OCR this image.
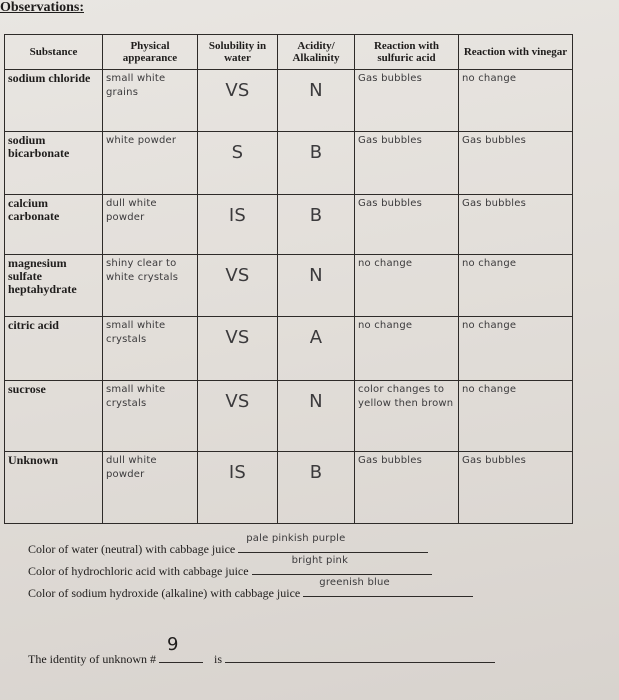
Observations:
Substance	Physical appearance	Solubility in water	Acidity/ Alkalinity	Reaction with sulfuric acid	Reaction with vinegar
sodium chloride	small white grains	VS	N	Gas bubbles	no change
sodium bicarbonate	white powder	S	B	Gas bubbles	Gas bubbles
calcium carbonate	dull white powder	IS	B	Gas bubbles	Gas bubbles
magnesium sulfate heptahydrate	shiny clear to white crystals	VS	N	no change	no change
citric acid	small white crystals	VS	A	no change	no change
sucrose	small white crystals	VS	N	color changes to yellow then brown	no change
Unknown	dull white powder	IS	B	Gas bubbles	Gas bubbles
Color of water (neutral) with cabbage juice
pale pinkish purple
Color of hydrochloric acid with cabbage juice
bright pink
Color of sodium hydroxide (alkaline) with cabbage juice
greenish blue
The identity of unknown #
9
is
